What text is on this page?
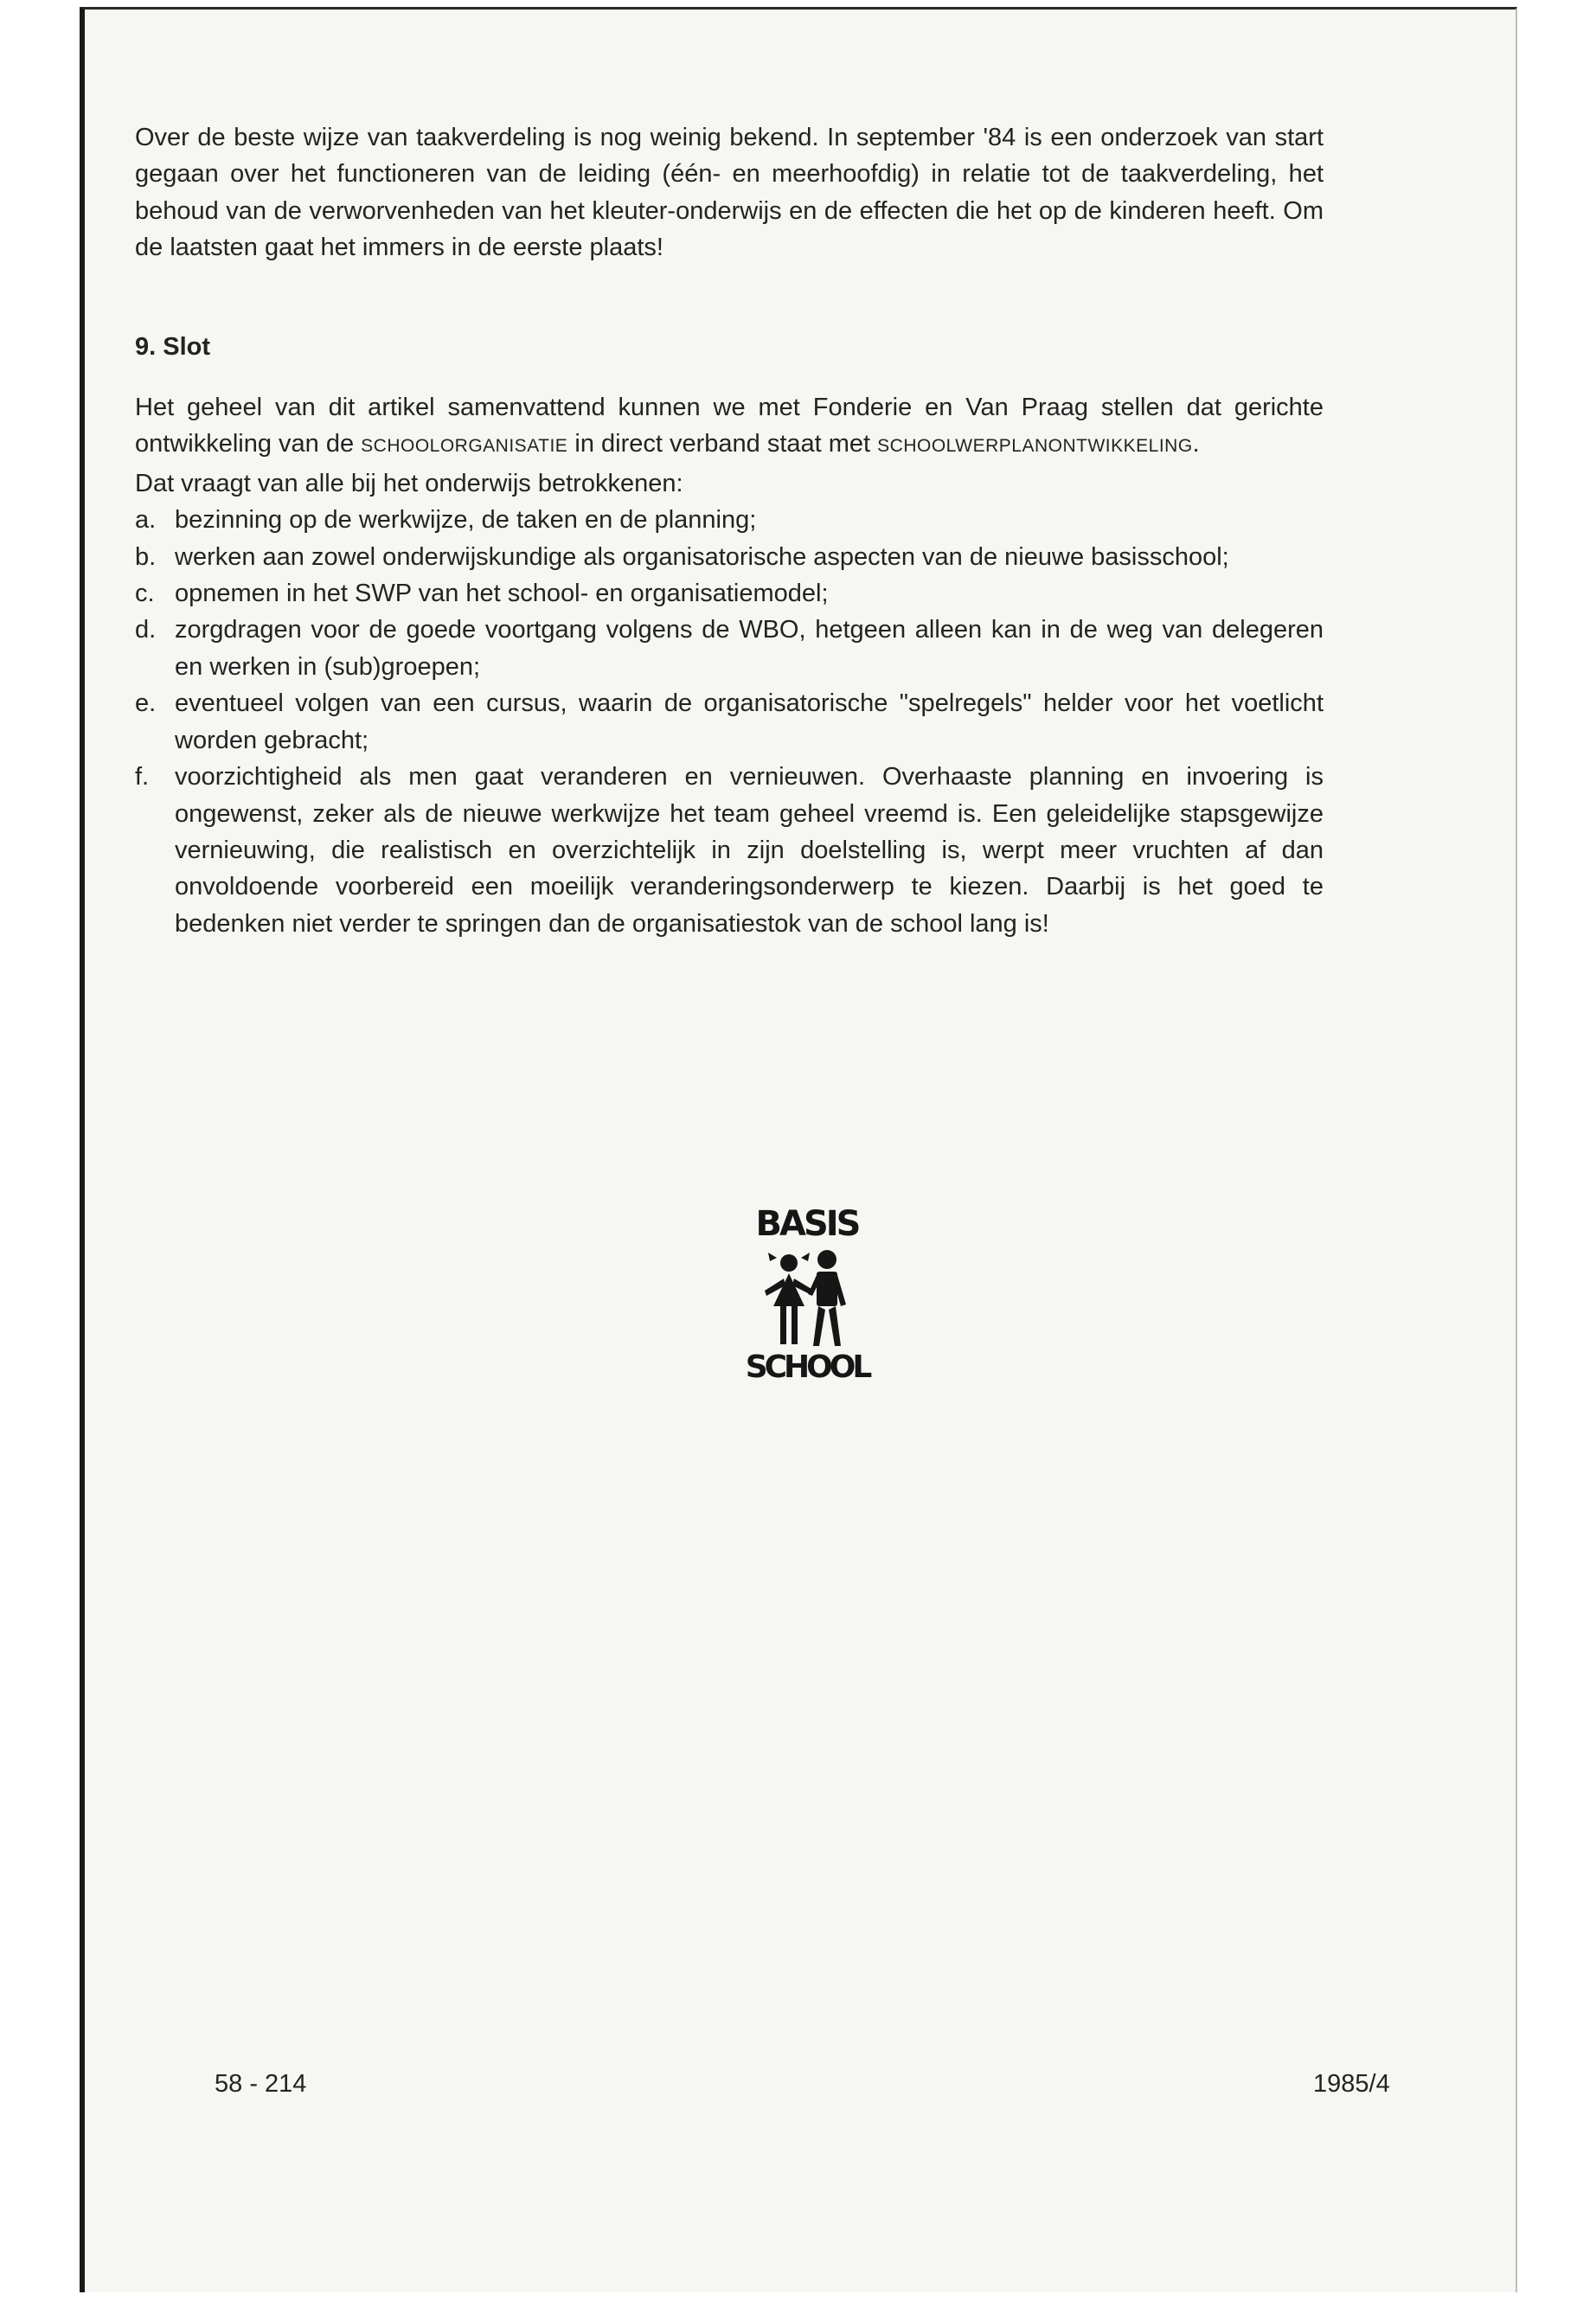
Over de beste wijze van taakverdeling is nog weinig bekend. In september '84 is een onderzoek van start gegaan over het functioneren van de leiding (één- en meerhoofdig) in relatie tot de taakverdeling, het behoud van de verworvenheden van het kleuter-onderwijs en de effecten die het op de kinderen heeft. Om de laatsten gaat het immers in de eerste plaats!

9. Slot

Het geheel van dit artikel samenvattend kunnen we met Fonderie en Van Praag stellen dat gerichte ontwikkeling van de SCHOOLORGANISATIE in direct verband staat met SCHOOLWERPLANONTWIKKELING.

Dat vraagt van alle bij het onderwijs betrokkenen:

a. bezinning op de werkwijze, de taken en de planning;
b. werken aan zowel onderwijskundige als organisatorische aspecten van de nieuwe basisschool;
c. opnemen in het SWP van het school- en organisatiemodel;
d. zorgdragen voor de goede voortgang volgens de WBO, hetgeen alleen kan in de weg van delegeren en werken in (sub)groepen;
e. eventueel volgen van een cursus, waarin de organisatorische "spelregels" helder voor het voetlicht worden gebracht;
f. voorzichtigheid als men gaat veranderen en vernieuwen. Overhaaste planning en invoering is ongewenst, zeker als de nieuwe werkwijze het team geheel vreemd is. Een geleidelijke stapsgewijze vernieuwing, die realistisch en overzichtelijk in zijn doelstelling is, werpt meer vruchten af dan onvoldoende voorbereid een moeilijk veranderingsonderwerp te kiezen. Daarbij is het goed te bedenken niet verder te springen dan de organisatiestok van de school lang is!
BASIS
SCHOOL
58 - 214	1985/4
